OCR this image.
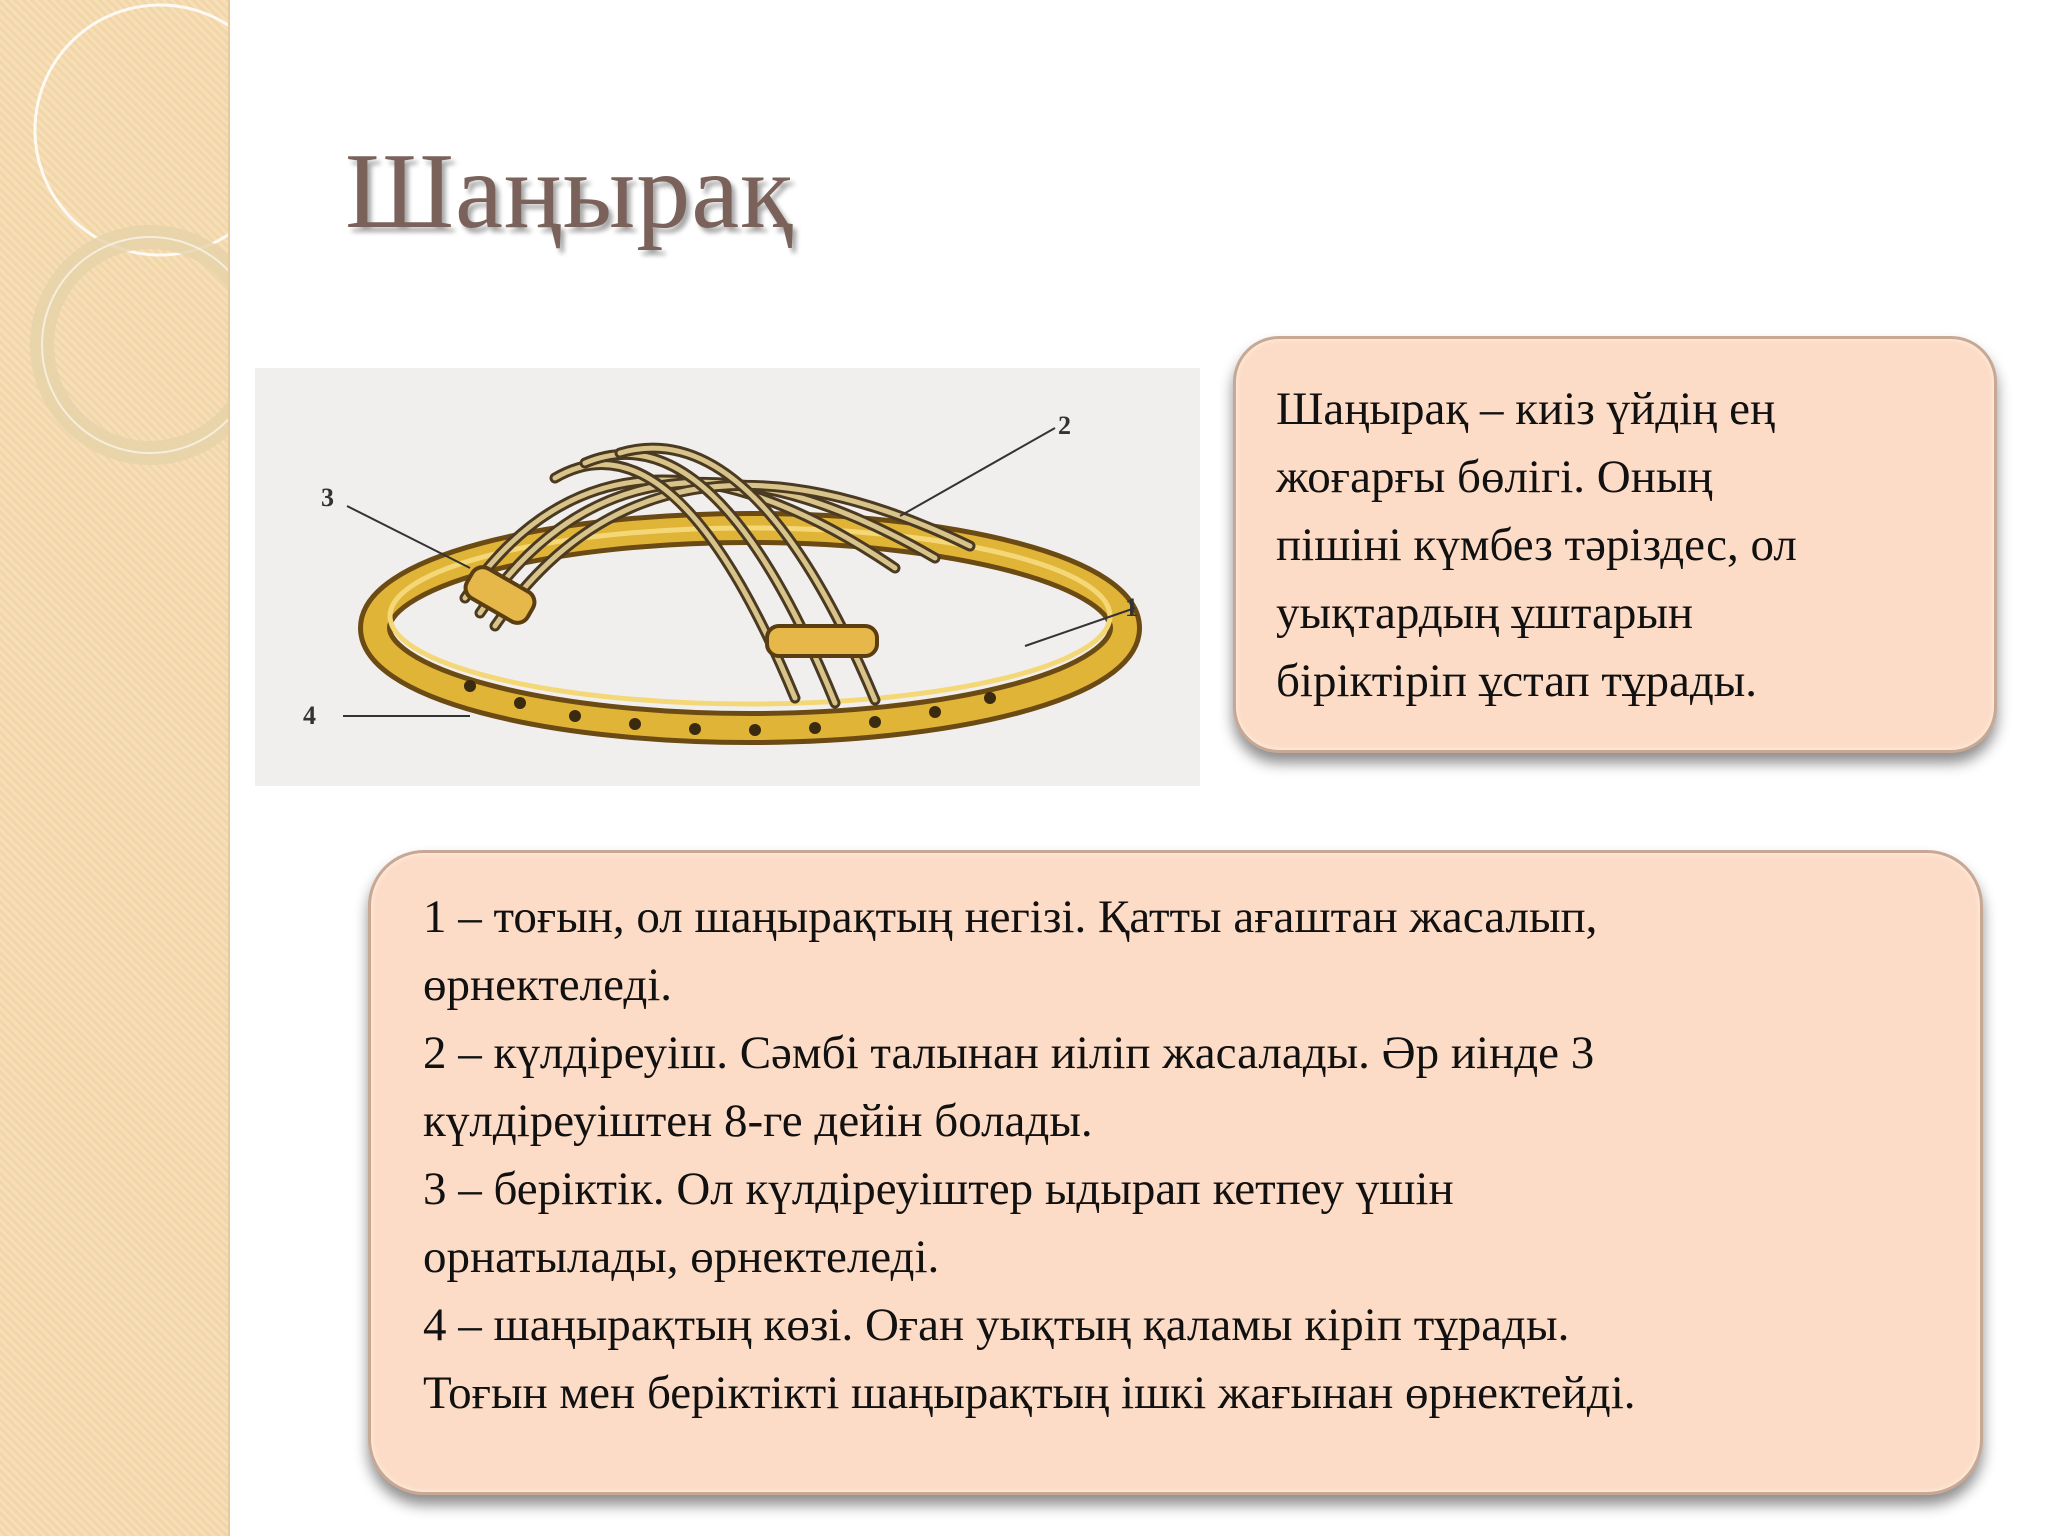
Шаңырақ
1
2
3
4
Шаңырақ – киіз үйдің ең
жоғарғы бөлігі. Оның
пішіні күмбез тәріздес, ол
уықтардың ұштарын
біріктіріп ұстап тұрады.
1 – тоғын, ол шаңырақтың негізі. Қатты ағаштан жасалып,
өрнектеледі.
2 – күлдіреуіш. Сәмбі талынан иіліп жасалады. Әр иінде 3
күлдіреуіштен 8-ге дейін болады.
3 – беріктік. Ол күлдіреуіштер ыдырап кетпеу үшін
орнатылады, өрнектеледі.
4 – шаңырақтың көзі. Оған уықтың қаламы кіріп тұрады.
Тоғын мен беріктікті шаңырақтың ішкі жағынан өрнектейді.
